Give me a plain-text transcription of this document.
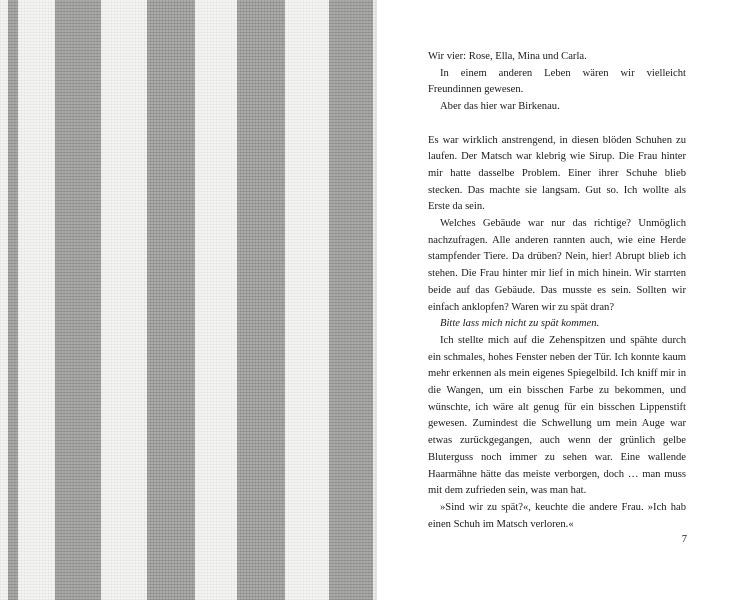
Wir vier: Rose, Ella, Mina und Carla.

In einem anderen Leben wären wir vielleicht Freundinnen gewesen.

Aber das hier war Birkenau.

Es war wirklich anstrengend, in diesen blöden Schuhen zu laufen. Der Matsch war klebrig wie Sirup. Die Frau hinter mir hatte dasselbe Problem. Einer ihrer Schuhe blieb stecken. Das machte sie langsam. Gut so. Ich wollte als Erste da sein.

Welches Gebäude war nur das richtige? Unmöglich nachzufragen. Alle anderen rannten auch, wie eine Herde stampfender Tiere. Da drüben? Nein, hier! Abrupt blieb ich stehen. Die Frau hinter mir lief in mich hinein. Wir starrten beide auf das Gebäude. Das musste es sein. Sollten wir einfach anklopfen? Waren wir zu spät dran?

Bitte lass mich nicht zu spät kommen.

Ich stellte mich auf die Zehenspitzen und spähte durch ein schmales, hohes Fenster neben der Tür. Ich konnte kaum mehr erkennen als mein eigenes Spiegelbild. Ich kniff mir in die Wangen, um ein bisschen Farbe zu bekommen, und wünschte, ich wäre alt genug für ein bisschen Lippenstift gewesen. Zumindest die Schwellung um mein Auge war etwas zurückgegangen, auch wenn der grünlich gelbe Bluterguss noch immer zu sehen war. Eine wallende Haarmähne hätte das meiste verborgen, doch … man muss mit dem zufrieden sein, was man hat.

»Sind wir zu spät?«, keuchte die andere Frau. »Ich hab einen Schuh im Matsch verloren.«

7
